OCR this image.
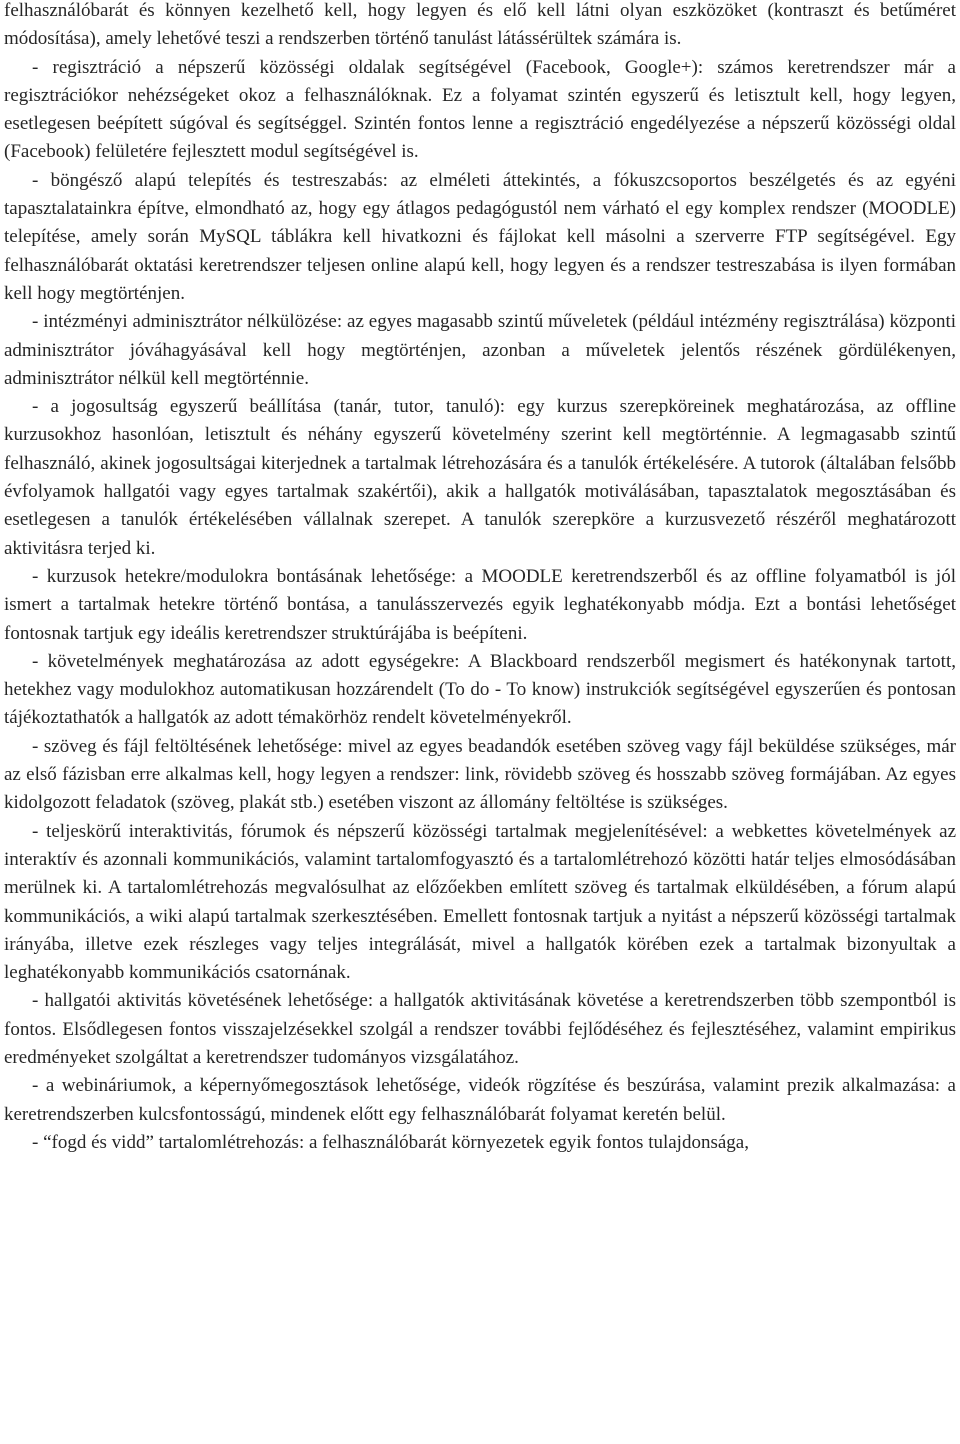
felhasználóbarát és könnyen kezelhető kell, hogy legyen és elő kell látni olyan eszközöket (kontraszt és betűméret módosítása), amely lehetővé teszi a rendszerben történő tanulást látássérültek számára is.

- regisztráció a népszerű közösségi oldalak segítségével (Facebook, Google+): számos keretrendszer már a regisztrációkor nehézségeket okoz a felhasználóknak. Ez a folyamat szintén egyszerű és letisztult kell, hogy legyen, esetlegesen beépített súgóval és segítséggel. Szintén fontos lenne a regisztráció engedélyezése a népszerű közösségi oldal (Facebook) felületére fejlesztett modul segítségével is.

- böngésző alapú telepítés és testreszabás: az elméleti áttekintés, a fókuszcsoportos beszélgetés és az egyéni tapasztalatainkra építve, elmondható az, hogy egy átlagos pedagógustól nem várható el egy komplex rendszer (MOODLE) telepítése, amely során MySQL táblákra kell hivatkozni és fájlokat kell másolni a szerverre FTP segítségével. Egy felhasználóbarát oktatási keretrendszer teljesen online alapú kell, hogy legyen és a rendszer testreszabása is ilyen formában kell hogy megtörténjen.

- intézményi adminisztrátor nélkülözése: az egyes magasabb szintű műveletek (például intézmény regisztrálása) központi adminisztrátor jóváhagyásával kell hogy megtörténjen, azonban a műveletek jelentős részének gördülékenyen, adminisztrátor nélkül kell megtörténnie.

- a jogosultság egyszerű beállítása (tanár, tutor, tanuló): egy kurzus szerepköreinek meghatározása, az offline kurzusokhoz hasonlóan, letisztult és néhány egyszerű követelmény szerint kell megtörténnie. A legmagasabb szintű felhasználó, akinek jogosultságai kiterjednek a tartalmak létrehozására és a tanulók értékelésére. A tutorok (általában felsőbb évfolyamok hallgatói vagy egyes tartalmak szakértői), akik a hallgatók motiválásában, tapasztalatok megosztásában és esetlegesen a tanulók értékelésében vállalnak szerepet. A tanulók szerepköre a kurzusvezető részéről meghatározott aktivitásra terjed ki.

- kurzusok hetekre/modulokra bontásának lehetősége: a MOODLE keretrendszerből és az offline folyamatból is jól ismert a tartalmak hetekre történő bontása, a tanulásszervezés egyik leghatékonyabb módja. Ezt a bontási lehetőséget fontosnak tartjuk egy ideális keretrendszer struktúrájába is beépíteni.

- követelmények meghatározása az adott egységekre: A Blackboard rendszerből megismert és hatékonynak tartott, hetekhez vagy modulokhoz automatikusan hozzárendelt (To do - To know) instrukciók segítségével egyszerűen és pontosan tájékoztathatók a hallgatók az adott témakörhöz rendelt követelményekről.

- szöveg és fájl feltöltésének lehetősége: mivel az egyes beadandók esetében szöveg vagy fájl beküldése szükséges, már az első fázisban erre alkalmas kell, hogy legyen a rendszer: link, rövidebb szöveg és hosszabb szöveg formájában. Az egyes kidolgozott feladatok (szöveg, plakát stb.) esetében viszont az állomány feltöltése is szükséges.

- teljeskörű interaktivitás, fórumok és népszerű közösségi tartalmak megjelenítésével: a webkettes követelmények az interaktív és azonnali kommunikációs, valamint tartalomfogyasztó és a tartalomlétrehozó közötti határ teljes elmosódásában merülnek ki. A tartalomlétrehozás megvalósulhat az előzőekben említett szöveg és tartalmak elküldésében, a fórum alapú kommunikációs, a wiki alapú tartalmak szerkesztésében. Emellett fontosnak tartjuk a nyitást a népszerű közösségi tartalmak irányába, illetve ezek részleges vagy teljes integrálását, mivel a hallgatók körében ezek a tartalmak bizonyultak a leghatékonyabb kommunikációs csatornának.

- hallgatói aktivitás követésének lehetősége: a hallgatók aktivitásának követése a keretrendszerben több szempontból is fontos. Elsődlegesen fontos visszajelzésekkel szolgál a rendszer további fejlődéséhez és fejlesztéséhez, valamint empirikus eredményeket szolgáltat a keretrendszer tudományos vizsgálatához.

- a webináriumok, a képernyőmegosztások lehetősége, videók rögzítése és beszúrása, valamint prezik alkalmazása: a keretrendszerben kulcsfontosságú, mindenek előtt egy felhasználóbarát folyamat keretén belül.

- “fogd és vidd” tartalomlétrehozás: a felhasználóbarát környezetek egyik fontos tulajdonsága,
